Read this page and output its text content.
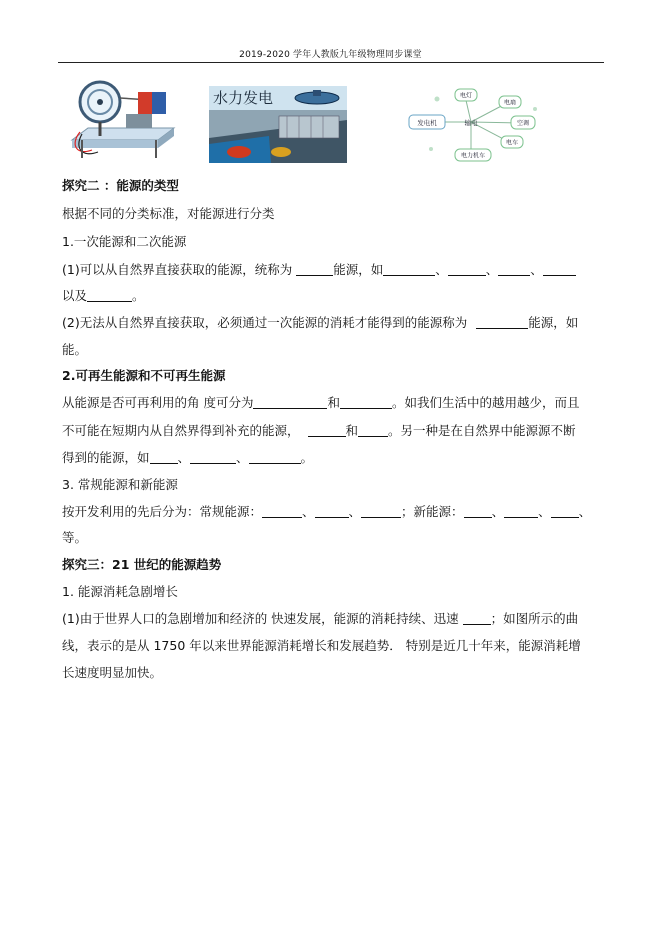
2019-2020 学年人教版九年级物理同步课堂
水力发电
发电机	输电
电灯
电扇
空调
电车
电力机车
探究二 ：能源的类型
根据不同的分类标准，对能源进行分类
1.一次能源和二次能源
(1)可以从自然界直接获取的能源，统称为	能源，如	、	、	、
以及	。
(2)无法从自然界直接获取，必须通过一次能源的消耗才能得到的能源称为	能源，如
能。
2.可再生能源和不可再生能源
从能源是否可再利用的角 度可分为	和	。如我们生活中的越用越少，而且
不可能在短期内从自然界得到补充的能源，	和 。另一种是在自然界中能源源不断
得到的能源，如 、	、	。
3. 常规能源和新能源
按开发利用的先后分为：常规能源：	、	、	；新能源： 、	、 、
等。
探究三：21 世纪的能源趋势
1. 能源消耗急剧增长
(1)由于世界人口的急剧增加和经济的 快速发展，能源的消耗持续、迅速	；如图所示的曲
线，表示的是从 1750 年以来世界能源消耗增长和发展趋势． 特别是近几十年来，能源消耗增
长速度明显加快。
